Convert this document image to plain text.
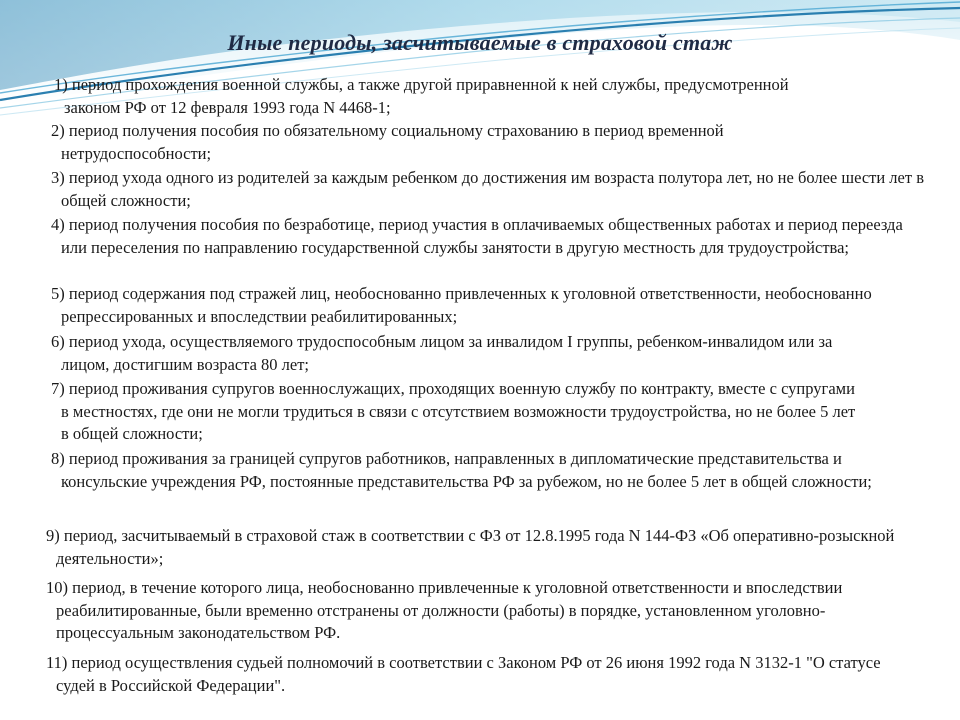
Иные периоды, засчитываемые в страховой стаж
1) период прохождения военной службы, а также другой приравненной к ней службы, предусмотренной законом РФ от 12 февраля 1993 года N 4468-1;
2) период получения пособия по обязательному социальному страхованию в период временной нетрудоспособности;
3) период ухода одного из родителей за каждым ребенком до достижения им возраста полутора лет, но не более шести лет в общей сложности;
4) период получения пособия по безработице, период участия в оплачиваемых общественных работах и период переезда или переселения по направлению государственной службы занятости в другую местность для трудоустройства;
5) период содержания под стражей лиц, необоснованно привлеченных к уголовной ответственности, необоснованно репрессированных и впоследствии реабилитированных;
6) период ухода, осуществляемого трудоспособным лицом за инвалидом I группы, ребенком-инвалидом или за лицом, достигшим возраста 80 лет;
7) период проживания супругов военнослужащих, проходящих военную службу по контракту, вместе с супругами в местностях, где они не могли трудиться в связи с отсутствием возможности трудоустройства, но не более 5 лет в общей сложности;
8) период проживания за границей супругов работников, направленных в дипломатические представительства и консульские учреждения РФ, постоянные представительства РФ за рубежом, но не более 5 лет в общей сложности;
9) период, засчитываемый в страховой стаж в соответствии с ФЗ от 12.8.1995 года N 144-ФЗ «Об оперативно-розыскной деятельности»;
10) период, в течение которого лица, необоснованно привлеченные к уголовной ответственности и впоследствии реабилитированные, были временно отстранены от должности (работы) в порядке, установленном уголовно-процессуальным законодательством РФ.
11) период осуществления судьей полномочий в соответствии с Законом РФ от 26 июня 1992 года N 3132-1 "О статусе судей в Российской Федерации".
